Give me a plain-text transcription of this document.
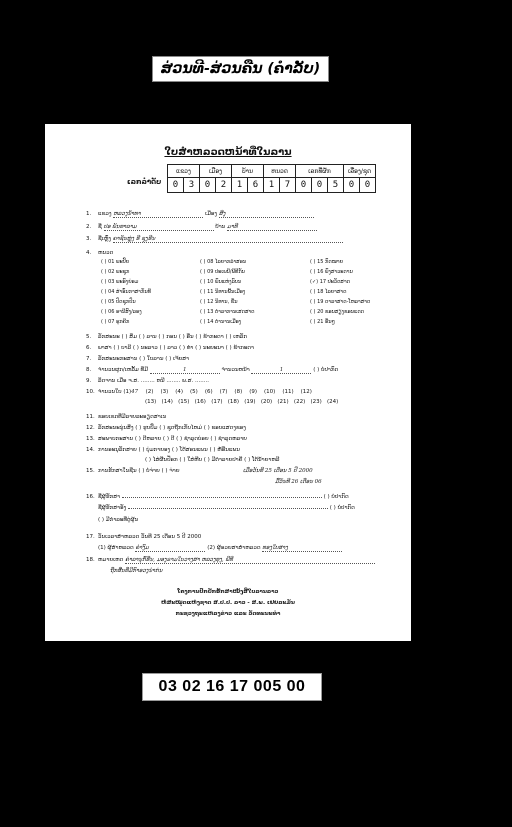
ສ່ວນທີ-ສ່ວນຄືນ (ຄຳລັບ)
ໃບສຳຫລວດຫນ້າທີ່ໃນລານ
ເລກລຳດັບ
ແຂວງ		ເມືອງ		ບ້ານ		ຫນວດ		ເລກທີ່ຜັກ			ເລື່ອງ/ຊຸດ	
0	3	0	2	1	6	1	7	0	0	5	0	0
1. ແຂວງ ຫລວງນໍ້າທາ	ເມືອງ ສີງ
2. ຊື່ ປອ ພັນທາລາມ	ບ້ານ ມາທີ
3. ຊື່ເຫຼົ່ງ ຄາຊັນຫຼຸ່ງ ຮີ ຊຸງຮີນ
4. ຫນວດ
( ) 01 ພະປົ້ຍ
( ) 02 ພະຊຸກ
( ) 03 ພະອົງຍ່ອມ
( ) 04 ສ່າອົ່ນກາສາກັນທີ
( ) 05 ປົດຊຸກປົນ
( ) 06 ອານີສົງ/ລອງ
( ) 07 ອຸກຄີກ
( ) 08 ໄລຍາກລຳສອນ
( ) 09 ປະເພນີ/ພີທີກັນ
( ) 10 ພົນແຫ່ງລົບນ
( ) 11 ນິທານພື້ນເມືອງ
( ) 12 ນິທານ, ຂື່ນ
( ) 13 ຕຳລາການເສດສາດ
( ) 14 ຕຳນານເມືອງ
( ) 15 ກົດໝາຍ
( ) 16 ພົງສາວະດານ
(✓) 17 ປະວັດສາດ
( ) 18 ໄລຍາສາດ
( ) 19 ດາລາສາດ-ໂຫລາສາດ
( ) 20 ຂອນສຽງຂອນແດດ
( ) 21 ອື່ນໆ
5. ລັກສະນະ ( ) ສິ່ມ ( ) ລານ ( ) ກອນ ( ) ອື່ນ ( ) ຂ້າກະດາ ( ) ເຫລັກ
6. ພາສາ ( ) ບາລີ ( ) ນະລາວ ( ) ລາວ ( ) ທຳ ( ) ນະຍະນາ ( ) ຂ້າກະດາ
7. ລັກສະນະກະສານ ( ) ໃບລານ ( ) ເຈ້ຍສາ
8. ຈຳນວນຜູກ/ເຫລັ້ມ ທີ່ມີ	1	ຈຳນວນຫນ້າ	1	( ) ບໍ່ປາກົດ
9. ລຶດຈານ ເມື່ອ ຈ.ສ. ........ ຫນີ ........ ພ.ສ. ........
10. ຈຳນວນໃບ (1)47 (2) (3) (4) (5) (6) (7) (8) (9) (10) (11) (12)
(13) (14) (15) (16) (17) (18) (19) (20) (21) (22) (23) (24)
11. ຂອບເຂດທີ່ມີລາຍລະອຽດສາເນ
12. ລັກສະນະນູ່ນສິ່ງ ( ) ຮູບປົ້ມ ( ) ຊຸດຖືກເກັບໄຫມ່ ( ) ຂອບແສດງຂອງ
13. ສະພາບກະສານ ( ) ດີຫລາຍ ( ) ດີ ( ) ຊຳລຸດບ່ອຍ ( ) ຊຳລຸດຫລາຍ
14. ການອະນຸລັກສາຍ ( ) ບຸ່ມກາຍອງ ( ) ໂຕ້ສອນແພນ ( ) ຫໍ້ອີ່ນແພນ
( ) ໄສ່ຜືນປັອກ ( ) ໃສ່ຫີບ ( ) ມີຕຳລາຍປາຄື ( ) ໂຕ້ນ້ຳຍາຫລີ
15. ການຮັກສາໃນຊີ່ນ ( ) ບໍ່ຈ່າຍ ( ) ຈ່າຍ	ເມື່ອວັນທີ 25 ເດືອນ 5 ປີ 2000
ມື້ວັນທີ 26 ເດືອນ 06
16. ຊື່ຜູ້ຮັກສາ	( ) ບໍ່ປາກົດ
ຊື່ຜູ້ຮັກສາອັງ	( ) ບໍ່ປາກົດ
( ) ມີກຳລະທີ່ຕູ່ຜູ້ນ
17. ວັນເວລາສຳຫລວດ ວັນທີ 25 ເດືອນ 5 ປີ 2000
(1) ຜູ້ສຳຫລວດ ຄຳງົມ	(2) ຜູ້ອວຍສາສຳຫລວດ ທອງໃບສາງ
18. ຫມາຍເຫດ ຄໍາລານຸກົ້ຮີ່ນ, ມອງຣາມໃນວາງສາ ຫລວງທຸງ, ພີທີ
ຖືກສີ່ນທີ່ມີກົາອວງນໍາກ່ນ
ໂຄງການປົກປັກຮັກສາໜັງສືໃບລານລາວ
ຫໍສະໝຸດແຫ່ງຊາດ ສ.ປ.ປ. ລາວ - ສ.ພ. ເຢຍລະມັນ
ກະຊວງຖະແຫລງຂ່າວ ແລະ ວັດທະນະທຳ
03 02 16 17 005 00
